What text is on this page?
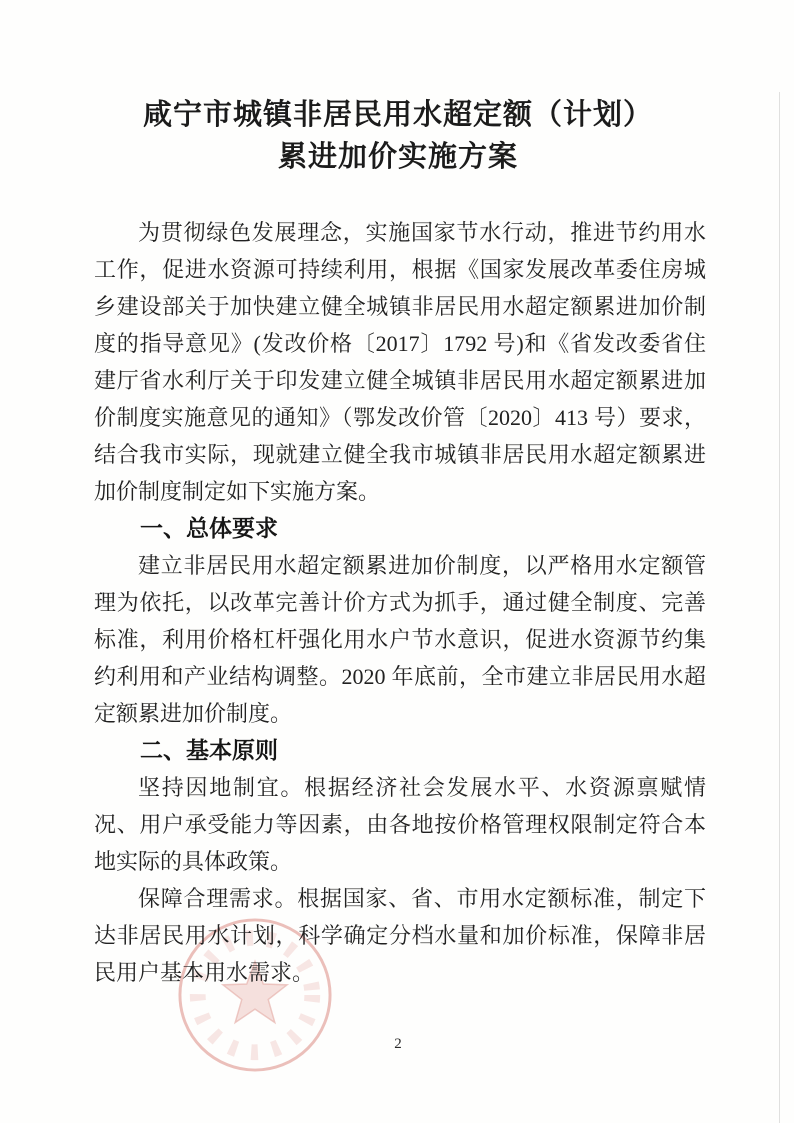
咸宁市城镇非居民用水超定额（计划）
累进加价实施方案

为贯彻绿色发展理念，实施国家节水行动，推进节约用水工作，促进水资源可持续利用，根据《国家发展改革委住房城乡建设部关于加快建立健全城镇非居民用水超定额累进加价制度的指导意见》(发改价格〔2017〕1792 号)和《省发改委省住建厅省水利厅关于印发建立健全城镇非居民用水超定额累进加价制度实施意见的通知》（鄂发改价管〔2020〕413 号）要求，结合我市实际，现就建立健全我市城镇非居民用水超定额累进加价制度制定如下实施方案。

一、总体要求

建立非居民用水超定额累进加价制度，以严格用水定额管理为依托，以改革完善计价方式为抓手，通过健全制度、完善标准，利用价格杠杆强化用水户节水意识，促进水资源节约集约利用和产业结构调整。2020 年底前，全市建立非居民用水超定额累进加价制度。

二、基本原则

坚持因地制宜。根据经济社会发展水平、水资源禀赋情况、用户承受能力等因素，由各地按价格管理权限制定符合本地实际的具体政策。

保障合理需求。根据国家、省、市用水定额标准，制定下达非居民用水计划，科学确定分档水量和加价标准，保障非居民用户基本用水需求。

2
